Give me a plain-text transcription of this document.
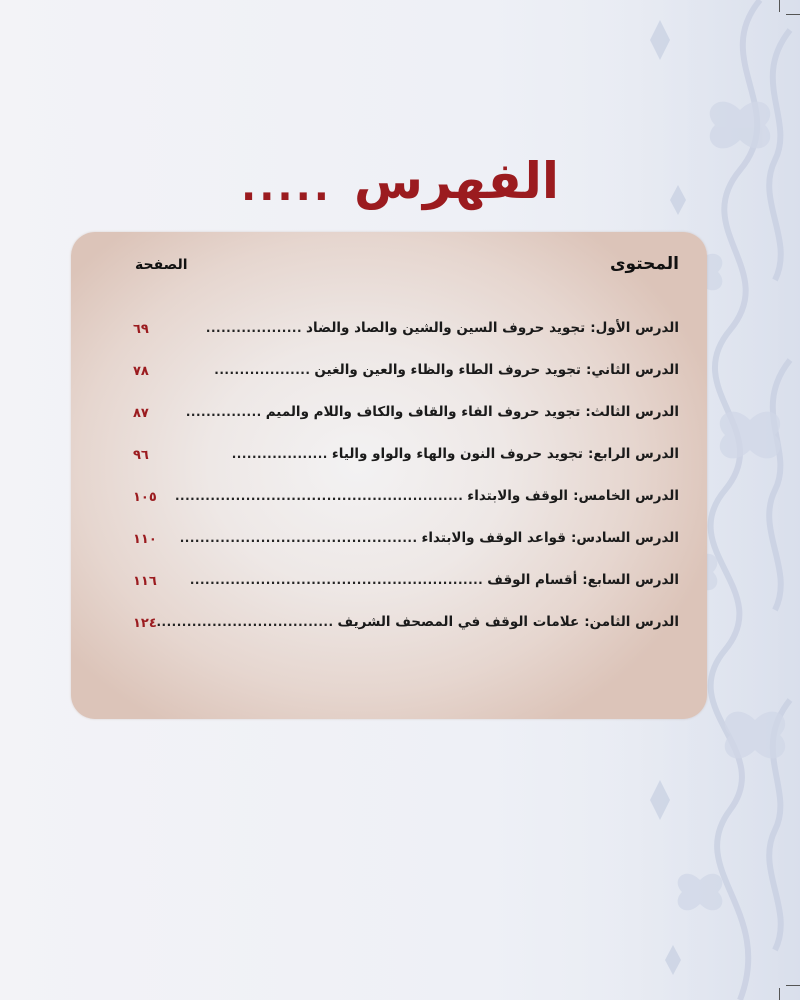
الفهرس
.....
المحتوى
الصفحة
الدرس الأول:
تجويد حروف السين والشين والصاد والضاد
...................
٦٩
الدرس الثاني:
تجويد حروف الطاء والظاء والعين والغين
...................
٧٨
الدرس الثالث:
تجويد حروف الفاء والقاف والكاف واللام والميم
...............
٨٧
الدرس الرابع:
تجويد حروف النون والهاء والواو والياء
...................
٩٦
الدرس الخامس:
الوقف والابتداء
.........................................................
١٠٥
الدرس السادس:
قواعد الوقف والابتداء
...............................................
١١٠
الدرس السابع:
أقسام الوقف
..........................................................
١١٦
الدرس الثامن:
علامات الوقف في المصحف الشريف
...................................
١٢٤
